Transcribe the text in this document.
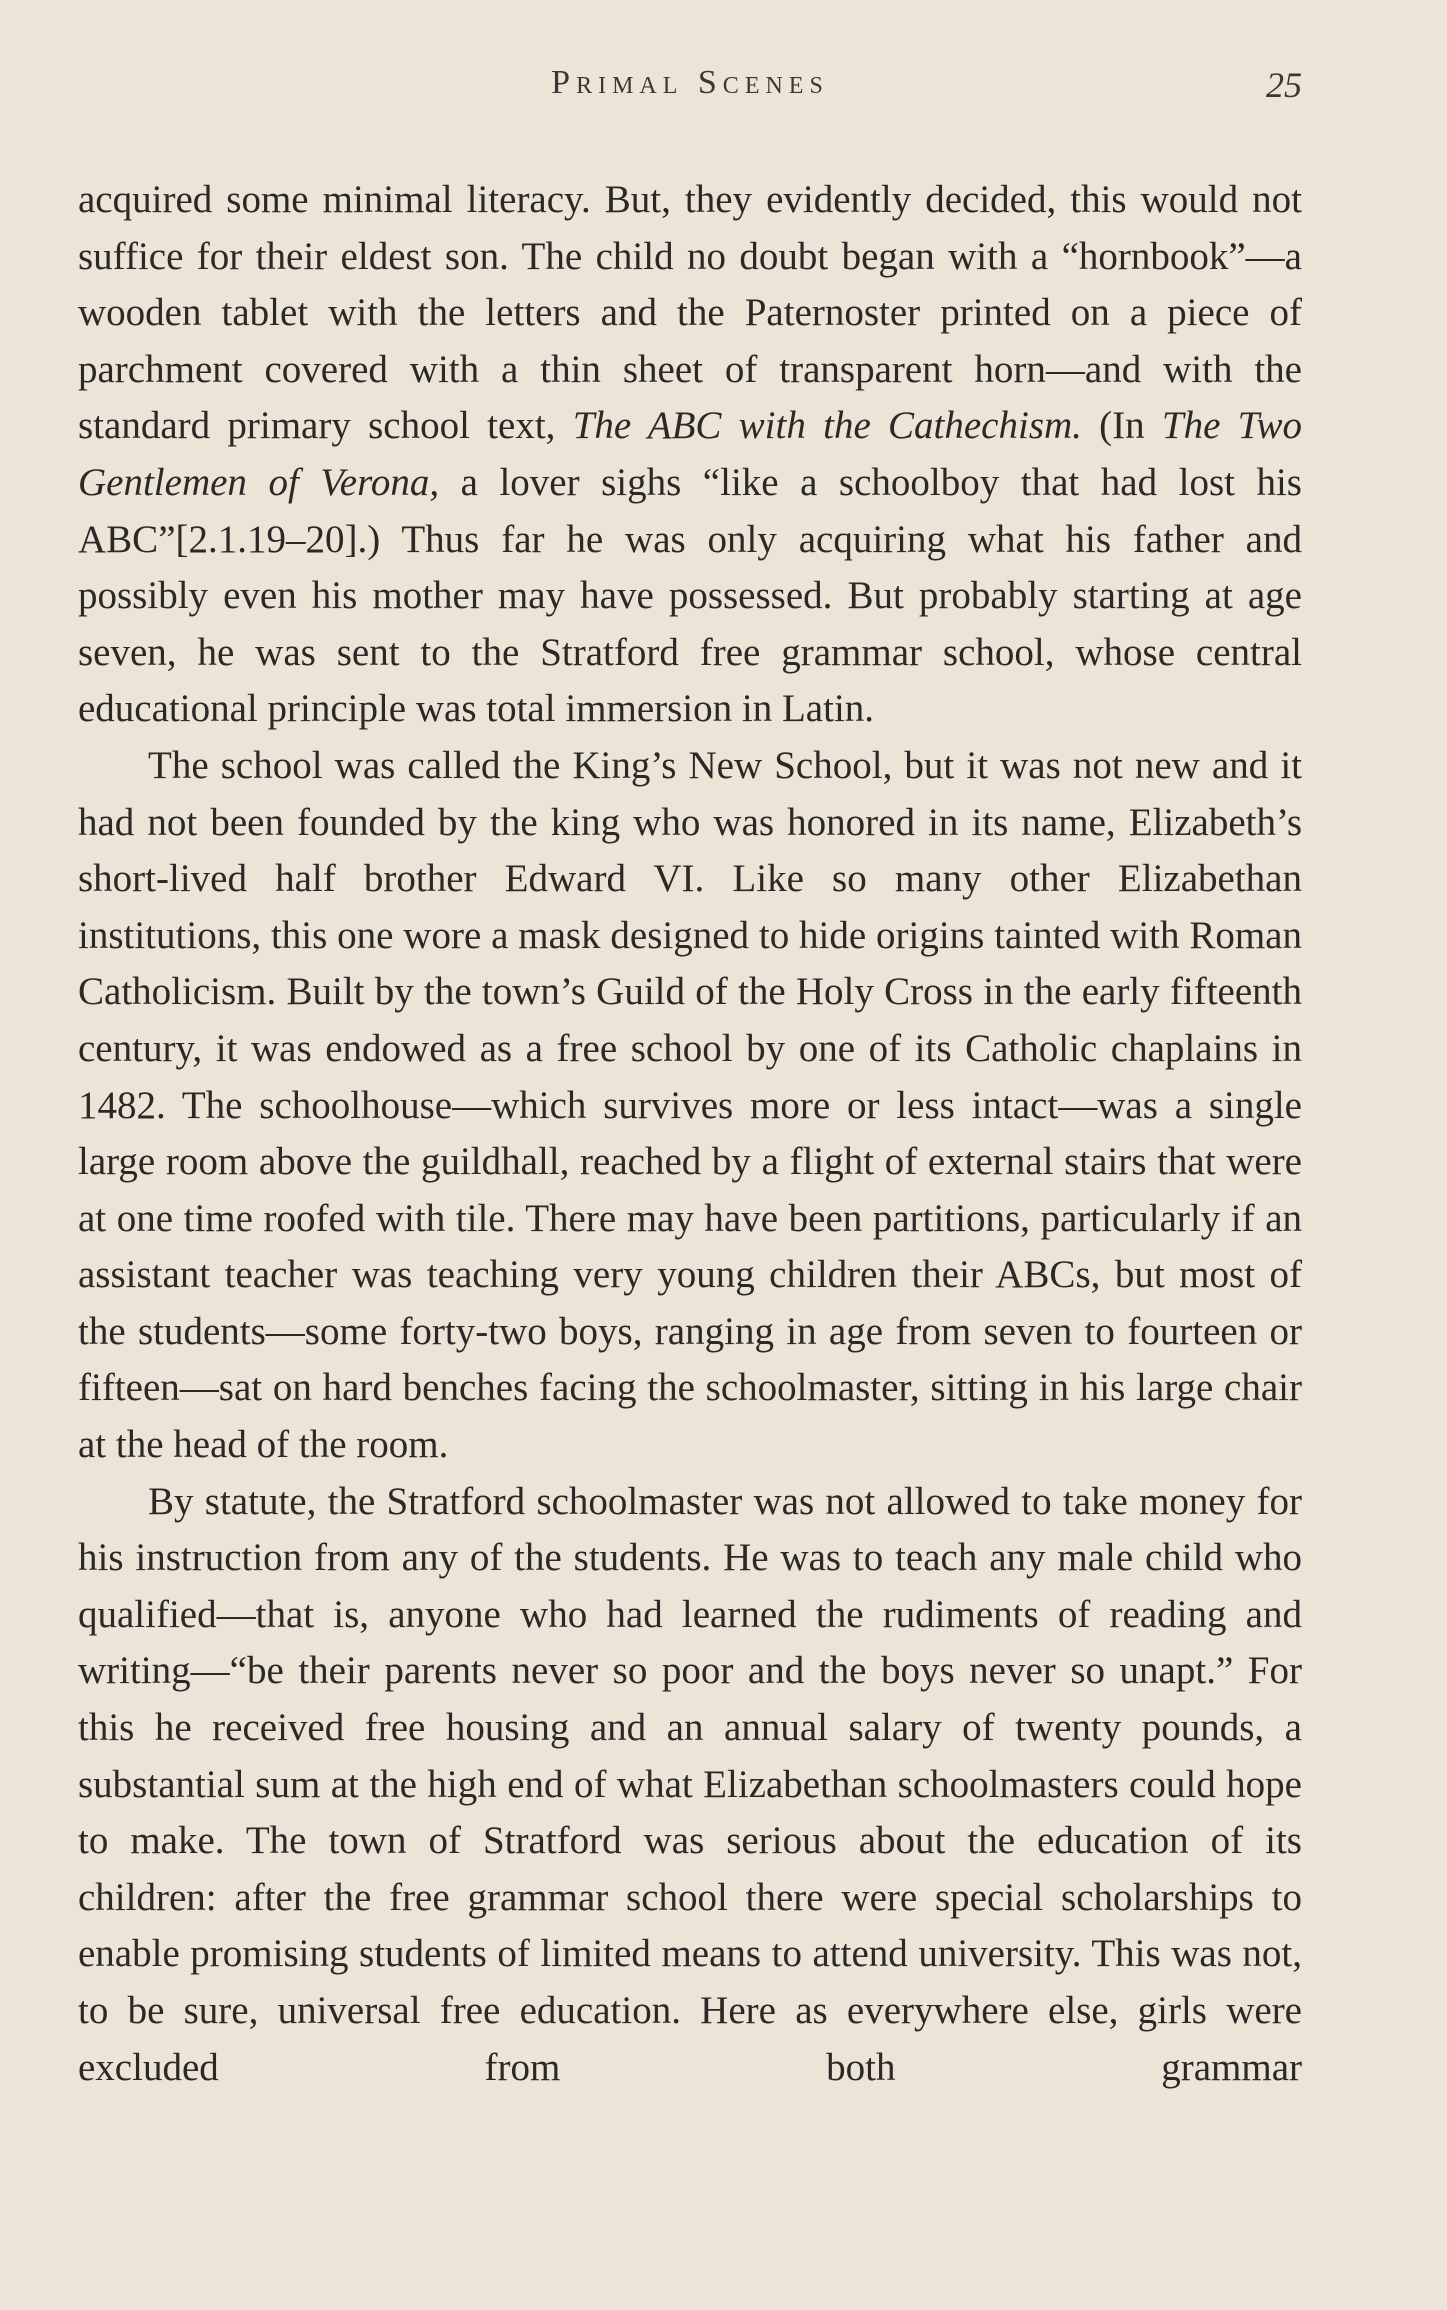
Primal Scenes	25

acquired some minimal literacy. But, they evidently decided, this would not suffice for their eldest son. The child no doubt began with a “hornbook”—a wooden tablet with the letters and the Paternoster printed on a piece of parchment covered with a thin sheet of transparent horn—and with the standard primary school text, The ABC with the Cathechism. (In The Two Gentlemen of Verona, a lover sighs “like a schoolboy that had lost his ABC”[2.1.19–20].) Thus far he was only acquiring what his father and possibly even his mother may have possessed. But probably starting at age seven, he was sent to the Stratford free grammar school, whose central educational principle was total immersion in Latin.

The school was called the King’s New School, but it was not new and it had not been founded by the king who was honored in its name, Elizabeth’s short-lived half brother Edward VI. Like so many other Elizabethan institutions, this one wore a mask designed to hide origins tainted with Roman Catholicism. Built by the town’s Guild of the Holy Cross in the early fifteenth century, it was endowed as a free school by one of its Catholic chaplains in 1482. The schoolhouse—which survives more or less intact—was a single large room above the guildhall, reached by a flight of external stairs that were at one time roofed with tile. There may have been partitions, particularly if an assistant teacher was teaching very young children their ABCs, but most of the students—some forty-two boys, ranging in age from seven to fourteen or fifteen—sat on hard benches facing the schoolmaster, sitting in his large chair at the head of the room.

By statute, the Stratford schoolmaster was not allowed to take money for his instruction from any of the students. He was to teach any male child who qualified—that is, anyone who had learned the rudiments of reading and writing—“be their parents never so poor and the boys never so unapt.” For this he received free housing and an annual salary of twenty pounds, a substantial sum at the high end of what Elizabethan schoolmasters could hope to make. The town of Stratford was serious about the education of its children: after the free grammar school there were special scholarships to enable promising students of limited means to attend university. This was not, to be sure, universal free education. Here as everywhere else, girls were excluded from both grammar
